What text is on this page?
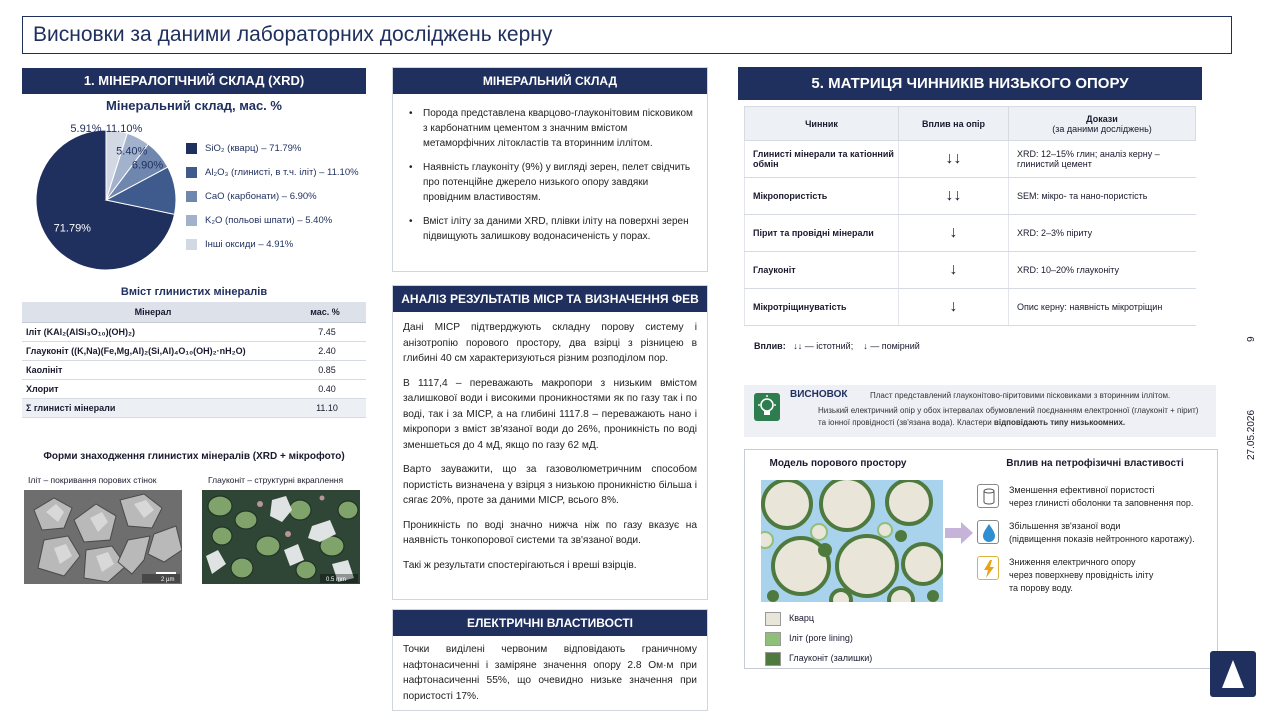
Висновки за даними лабораторних досліджень керну
1. МІНЕРАЛОГІЧНИЙ СКЛАД (XRD)
Мінеральний склад, мас. %
71.79%
11.10%
6.90%
5.40%
5.91%
SiO₂ (кварц) – 71.79%
Al₂O₃ (глинисті, в т.ч. іліт) – 11.10%
CaO (карбонати) – 6.90%
K₂O (польові шпати) – 5.40%
Інші оксиди – 4.91%
Вміст глинистих мінералів
Мінерал	мас. %
Іліт (KAl₂(AlSi₃O₁₀)(OH)₂)	7.45
Глауконіт ((K,Na)(Fe,Mg,Al)₂(Si,Al)₄O₁₀(OH)₂·nH₂O)	2.40
Каолініт	0.85
Хлорит	0.40
Σ глинисті мінерали	11.10
Форми знаходження глинистих мінералів (XRD + мікрофото)
Іліт – покривання порових стінок	Глауконіт – структурні вкраплення
2 µm	0.5 mm
МІНЕРАЛЬНИЙ СКЛАД
• Порода представлена кварцово-глауконітовим пісковиком з карбонатним цементом з значним вмістом метаморфічних літокластів та вторинним іллітом.
• Наявність глауконіту (9%) у вигляді зерен, пелет свідчить про потенційне джерело низького опору завдяки провідним властивостям.
• Вміст іліту за даними XRD, плівки іліту на поверхні зерен підвищують залишкову водонасиченість у порах.
АНАЛІЗ РЕЗУЛЬТАТІВ MICP ТА ВИЗНАЧЕННЯ ФЕВ

Дані MICP підтверджують складну порову систему і анізотропію порового простору, два взірці з різницею в глибині 40 см характеризуються різним розподілом пор.

В 1117,4 – переважають макропори з низьким вмістом залишкової води і високими проникностями як по газу так і по воді, так і за MICP, а на глибині 1117.8 – переважають нано і мікропори з вміст зв'язаної води до 26%, проникність по воді зменшеться до 4 мД, якщо по газу 62 мД.

Варто зауважити, що за газоволюметричним способом пористість визначена у взірця з низькою проникністю більша і сягає 20%, проте за даними MICP, всього 8%.

Проникність по воді значно нижча ніж по газу вказує на наявність тонкопорової системи та зв'язаної води.

Такі ж результати спостерігаються і вреші взірців.

ЕЛЕКТРИЧНІ ВЛАСТИВОСТІ

Точки виділені червоним відповідають граничному нафтонасиченні і заміряне значення опору 2.8 Ом·м при нафтонасиченні 55%, що очевидно низьке значення при пористості 17%.

5. МАТРИЦЯ ЧИННИКІВ НИЗЬКОГО ОПОРУ
Чинник	Вплив на опір	Докази
(за даними досліджень)

Глинисті мінерали та катіонний обмін	↓↓	XRD: 12–15% глин; аналіз керну – глинистий цемент
Мікропористість	↓↓	SEM: мікро- та нано-пористість
Пірит та провідні мінерали	↓	XRD: 2–3% піриту
Глауконіт	↓	XRD: 10–20% глауконіту
Мікротріщинуватість	↓	Опис керну: наявність мікротріщин
Вплив: ↓↓ — істотний; ↓ — помірний
ВИСНОВОК	Пласт представлений глауконітово-піритовими пісковиками з вторинним іллітом.
Низький електричний опір у обох інтервалах обумовлений поєднанням електронної (глауконіт + пірит)
та іонної провідності (зв'язана вода). Кластери відповідають типу низькоомних.
Модель порового простору	Вплив на петрофізичні властивості
Зменшення ефективної пористості
через глинисті оболонки та заповнення пор.
Збільшення зв'язаної води
(підвищення показів нейтронного каротажу).
Зниження електричного опору
через поверхневу провідність іліту
та порову воду.
Кварц
Іліт (pore lining)
Глауконіт (залишки)
9
27.05.2026
